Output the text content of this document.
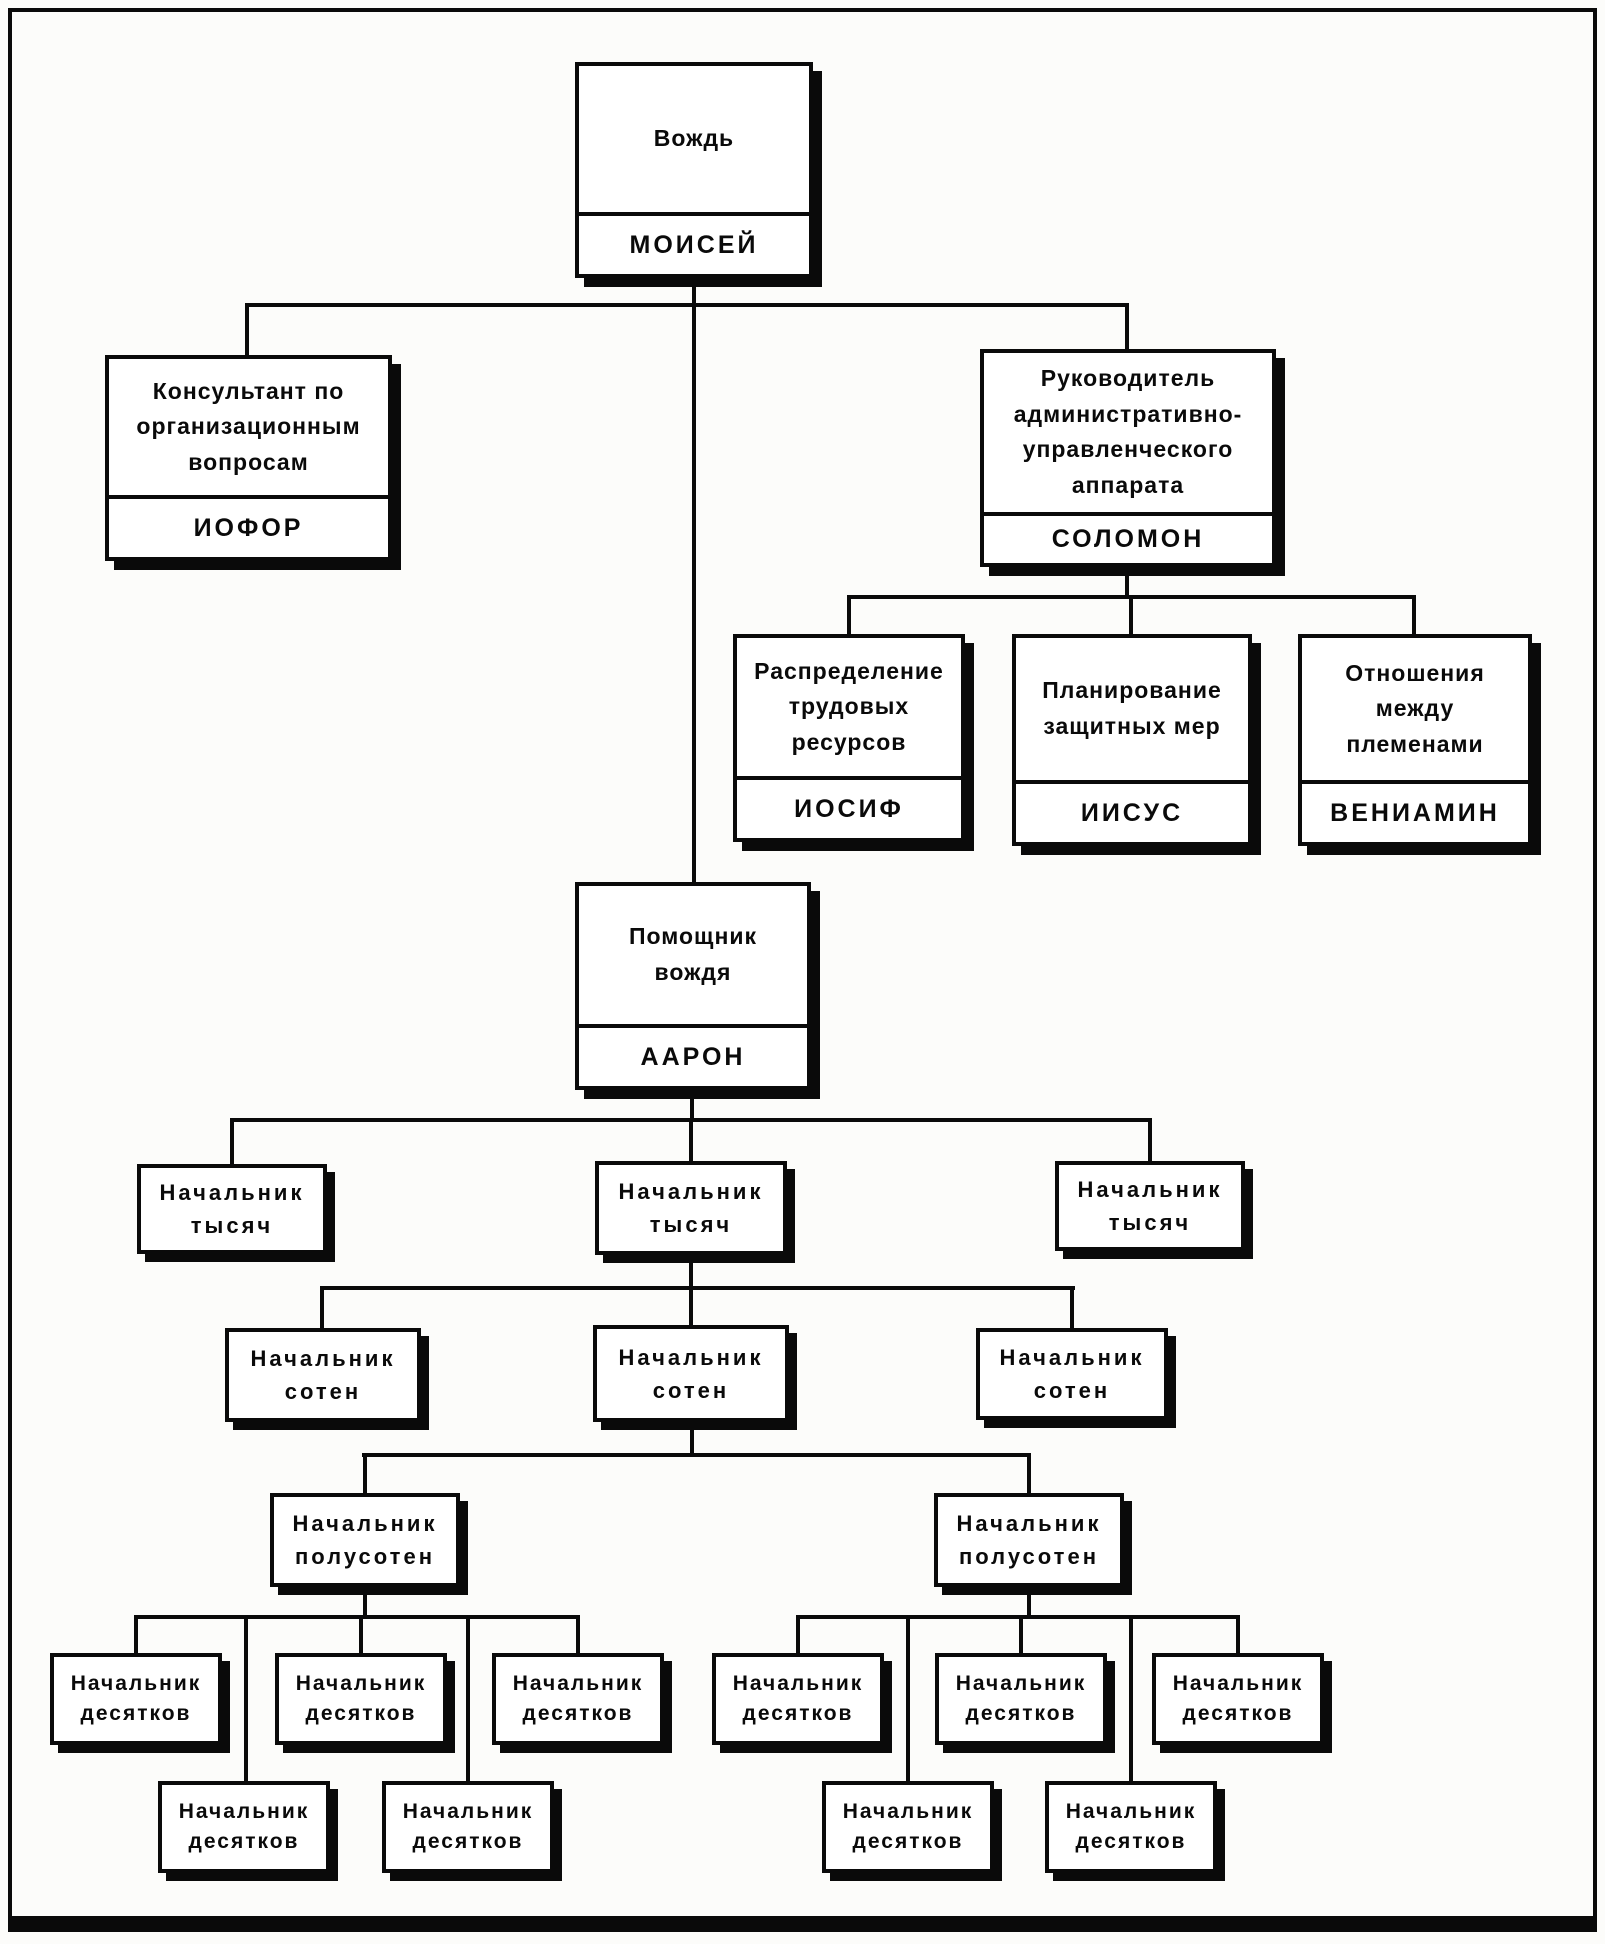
Вождь
МОИСЕЙ
Консультант по организационным вопросам
ИОФОР
Руководитель административно-управленческого аппарата
СОЛОМОН
Распределение трудовых ресурсов
ИОСИФ
Планирование защитных мер
ИИСУС
Отношения между племенами
ВЕНИАМИН
Помощник вождя
ААРОН
Начальник тысяч
Начальник тысяч
Начальник тысяч
Начальник сотен
Начальник сотен
Начальник сотен
Начальник полусотен
Начальник полусотен
Начальник десятков
Начальник десятков
Начальник десятков
Начальник десятков
Начальник десятков
Начальник десятков
Начальник десятков
Начальник десятков
Начальник десятков
Начальник десятков
